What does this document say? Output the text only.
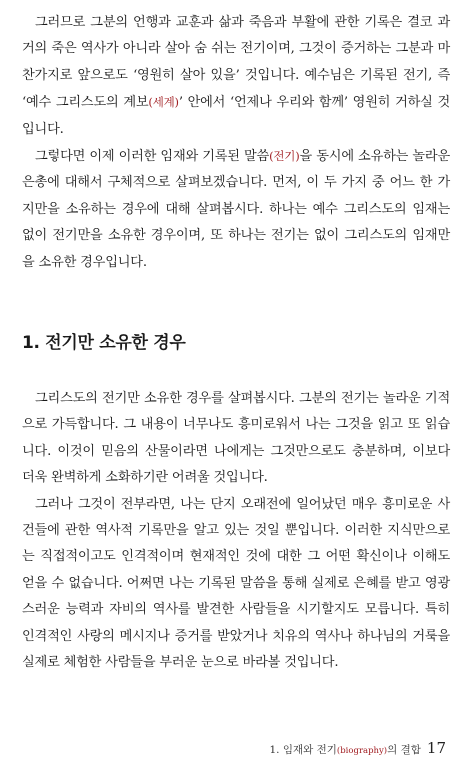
그러므로 그분의 언행과 교훈과 삶과 죽음과 부활에 관한 기록은 결코 과거의 죽은 역사가 아니라 살아 숨 쉬는 전기이며, 그것이 증거하는 그분과 마찬가지로 앞으로도 ‘영원히 살아 있을’ 것입니다. 예수님은 기록된 전기, 즉 ‘예수 그리스도의 계보(세계)’ 안에서 ‘언제나 우리와 함께’ 영원히 거하실 것입니다.

그렇다면 이제 이러한 임재와 기록된 말씀(전기)을 동시에 소유하는 놀라운 은총에 대해서 구체적으로 살펴보겠습니다. 먼저, 이 두 가지 중 어느 한 가지만을 소유하는 경우에 대해 살펴봅시다. 하나는 예수 그리스도의 임재는 없이 전기만을 소유한 경우이며, 또 하나는 전기는 없이 그리스도의 임재만을 소유한 경우입니다.

1. 전기만 소유한 경우

그리스도의 전기만 소유한 경우를 살펴봅시다. 그분의 전기는 놀라운 기적으로 가득합니다. 그 내용이 너무나도 흥미로워서 나는 그것을 읽고 또 읽습니다. 이것이 믿음의 산물이라면 나에게는 그것만으로도 충분하며, 이보다 더욱 완벽하게 소화하기란 어려울 것입니다.

그러나 그것이 전부라면, 나는 단지 오래전에 일어났던 매우 흥미로운 사건들에 관한 역사적 기록만을 알고 있는 것일 뿐입니다. 이러한 지식만으로는 직접적이고도 인격적이며 현재적인 것에 대한 그 어떤 확신이나 이해도 얻을 수 없습니다. 어쩌면 나는 기록된 말씀을 통해 실제로 은혜를 받고 영광스러운 능력과 자비의 역사를 발견한 사람들을 시기할지도 모릅니다. 특히 인격적인 사랑의 메시지나 증거를 받았거나 치유의 역사나 하나님의 거룩을 실제로 체험한 사람들을 부러운 눈으로 바라볼 것입니다.

1. 임재와 전기(biography)의 결합 17
